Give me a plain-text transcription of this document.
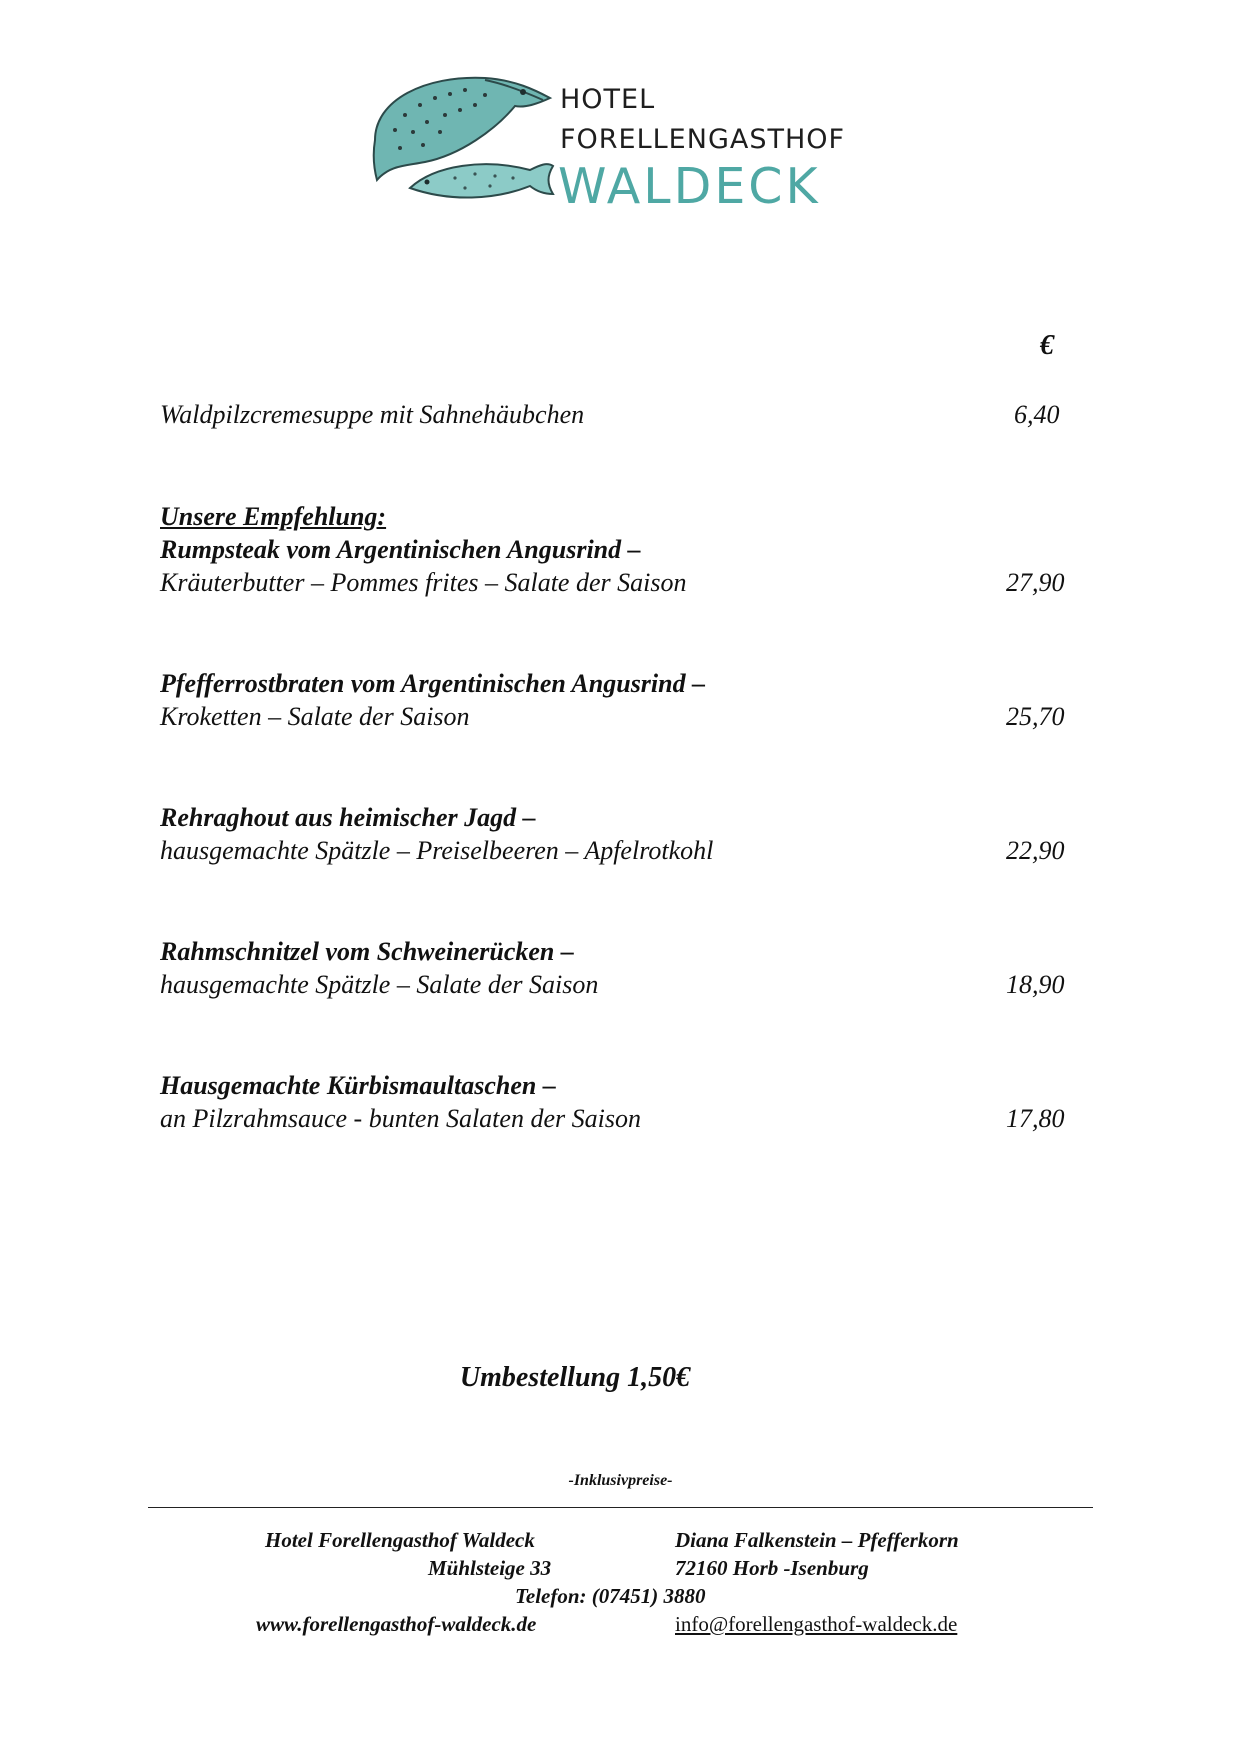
HOTEL
FORELLENGASTHOF
WALDECK
€
Waldpilzcremesuppe mit Sahnehäubchen	6,40
Unsere Empfehlung:
Rumpsteak vom Argentinischen Angusrind –
Kräuterbutter – Pommes frites – Salate der Saison	27,90
Pfefferrostbraten vom Argentinischen Angusrind –
Kroketten – Salate der Saison	25,70
Rehraghout aus heimischer Jagd –
hausgemachte Spätzle – Preiselbeeren – Apfelrotkohl	22,90
Rahmschnitzel vom Schweinerücken –
hausgemachte Spätzle – Salate der Saison	18,90
Hausgemachte Kürbismaultaschen –
an Pilzrahmsauce - bunten Salaten der Saison	17,80
Umbestellung 1,50€
-Inklusivpreise-
Hotel Forellengasthof Waldeck	Diana Falkenstein – Pfefferkorn
Mühlsteige 33	72160 Horb -Isenburg
Telefon: (07451) 3880
www.forellengasthof-waldeck.de	info@forellengasthof-waldeck.de
